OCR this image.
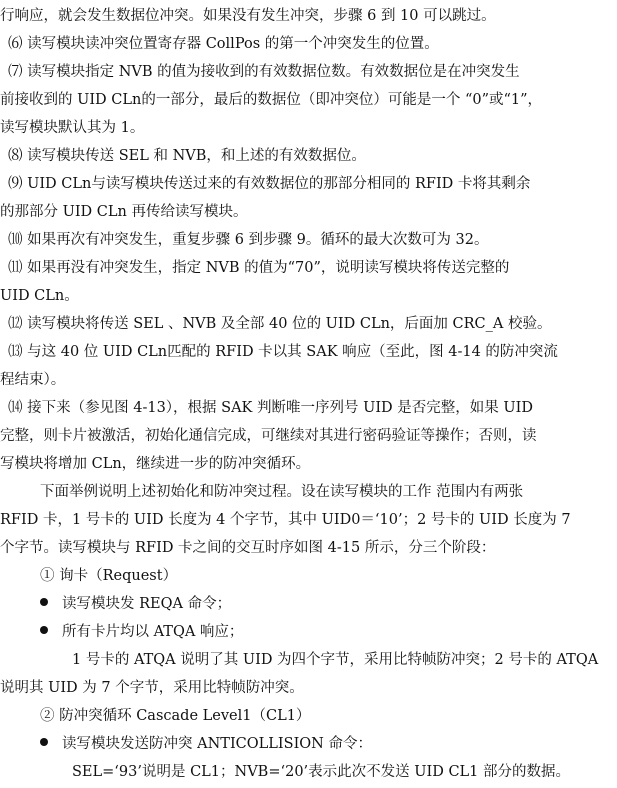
行响应，就会发生数据位冲突。如果没有发生冲突，步骤 6 到 10 可以跳过。
⑹ 读写模块读冲突位置寄存器 CollPos 的第一个冲突发生的位置。
⑺ 读写模块指定 NVB 的值为接收到的有效数据位数。有效数据位是在冲突发生
前接收到的 UID CLn的一部分，最后的数据位（即冲突位）可能是一个 “0”或“1”，
读写模块默认其为 1。
⑻ 读写模块传送 SEL 和 NVB，和上述的有效数据位。
⑼ UID CLn与读写模块传送过来的有效数据位的那部分相同的 RFID 卡将其剩余
的那部分 UID CLn 再传给读写模块。
⑽ 如果再次有冲突发生，重复步骤 6 到步骤 9。循环的最大次数可为 32。
⑾ 如果再没有冲突发生，指定 NVB 的值为“70”，说明读写模块将传送完整的
UID CLn。
⑿ 读写模块将传送 SEL 、NVB 及全部 40 位的 UID CLn，后面加 CRC_A 校验。
⒀ 与这 40 位 UID CLn匹配的 RFID 卡以其 SAK 响应（至此，图 4-14 的防冲突流
程结束）。
⒁ 接下来（参见图 4-13），根据 SAK 判断唯一序列号 UID 是否完整，如果 UID
完整，则卡片被激活，初始化通信完成，可继续对其进行密码验证等操作；否则，读
写模块将增加 CLn，继续进一步的防冲突循环。
下面举例说明上述初始化和防冲突过程。设在读写模块的工作 范围内有两张
RFID 卡，1 号卡的 UID 长度为 4 个字节，其中 UID0＝‘10’；2 号卡的 UID 长度为 7
个字节。读写模块与 RFID 卡之间的交互时序如图 4-15 所示，分三个阶段：
① 询卡（Request）
读写模块发 REQA 命令；
所有卡片均以 ATQA 响应；
1 号卡的 ATQA 说明了其 UID 为四个字节，采用比特帧防冲突；2 号卡的 ATQA
说明其 UID 为 7 个字节，采用比特帧防冲突。
② 防冲突循环 Cascade Level1（CL1）
读写模块发送防冲突 ANTICOLLISION 命令：
SEL=‘93’说明是 CL1；NVB=‘20’表示此次不发送 UID CL1 部分的数据。
